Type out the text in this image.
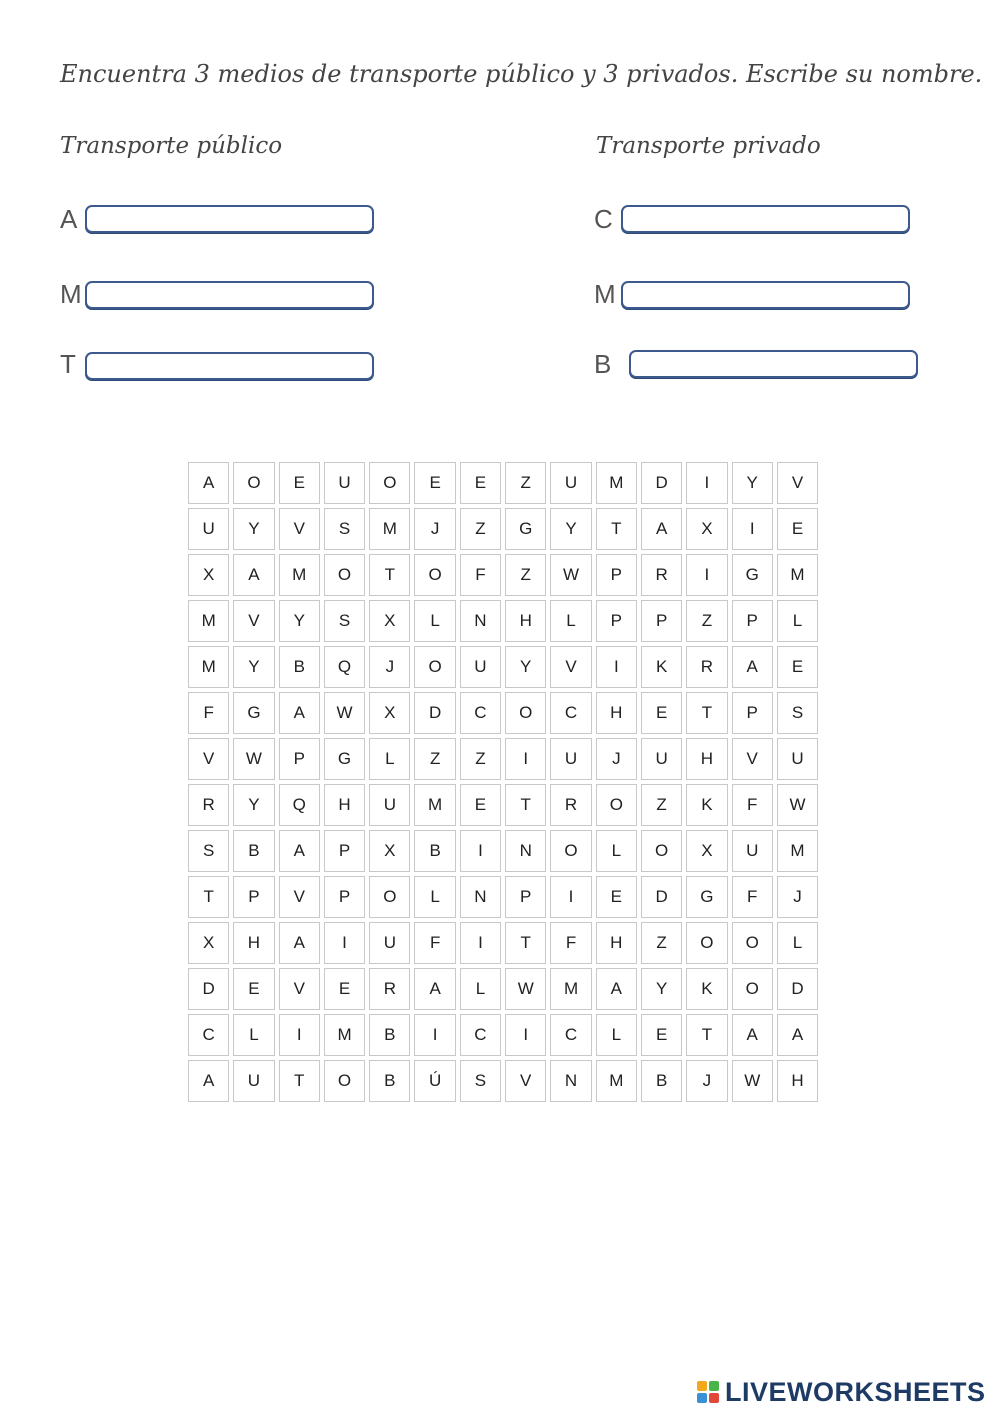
Encuentra 3 medios de transporte público y 3 privados. Escribe su nombre.
Transporte público	Transporte privado
A
M
T
C
M
B
A	O	E	U	O	E	E	Z	U	M	D	I	Y	V
U	Y	V	S	M	J	Z	G	Y	T	A	X	I	E
X	A	M	O	T	O	F	Z	W	P	R	I	G	M
M	V	Y	S	X	L	N	H	L	P	P	Z	P	L
M	Y	B	Q	J	O	U	Y	V	I	K	R	A	E
F	G	A	W	X	D	C	O	C	H	E	T	P	S
V	W	P	G	L	Z	Z	I	U	J	U	H	V	U
R	Y	Q	H	U	M	E	T	R	O	Z	K	F	W
S	B	A	P	X	B	I	N	O	L	O	X	U	M
T	P	V	P	O	L	N	P	I	E	D	G	F	J
X	H	A	I	U	F	I	T	F	H	Z	O	O	L
D	E	V	E	R	A	L	W	M	A	Y	K	O	D
C	L	I	M	B	I	C	I	C	L	E	T	A	A
A	U	T	O	B	Ú	S	V	N	M	B	J	W	H
LIVEWORKSHEETS
